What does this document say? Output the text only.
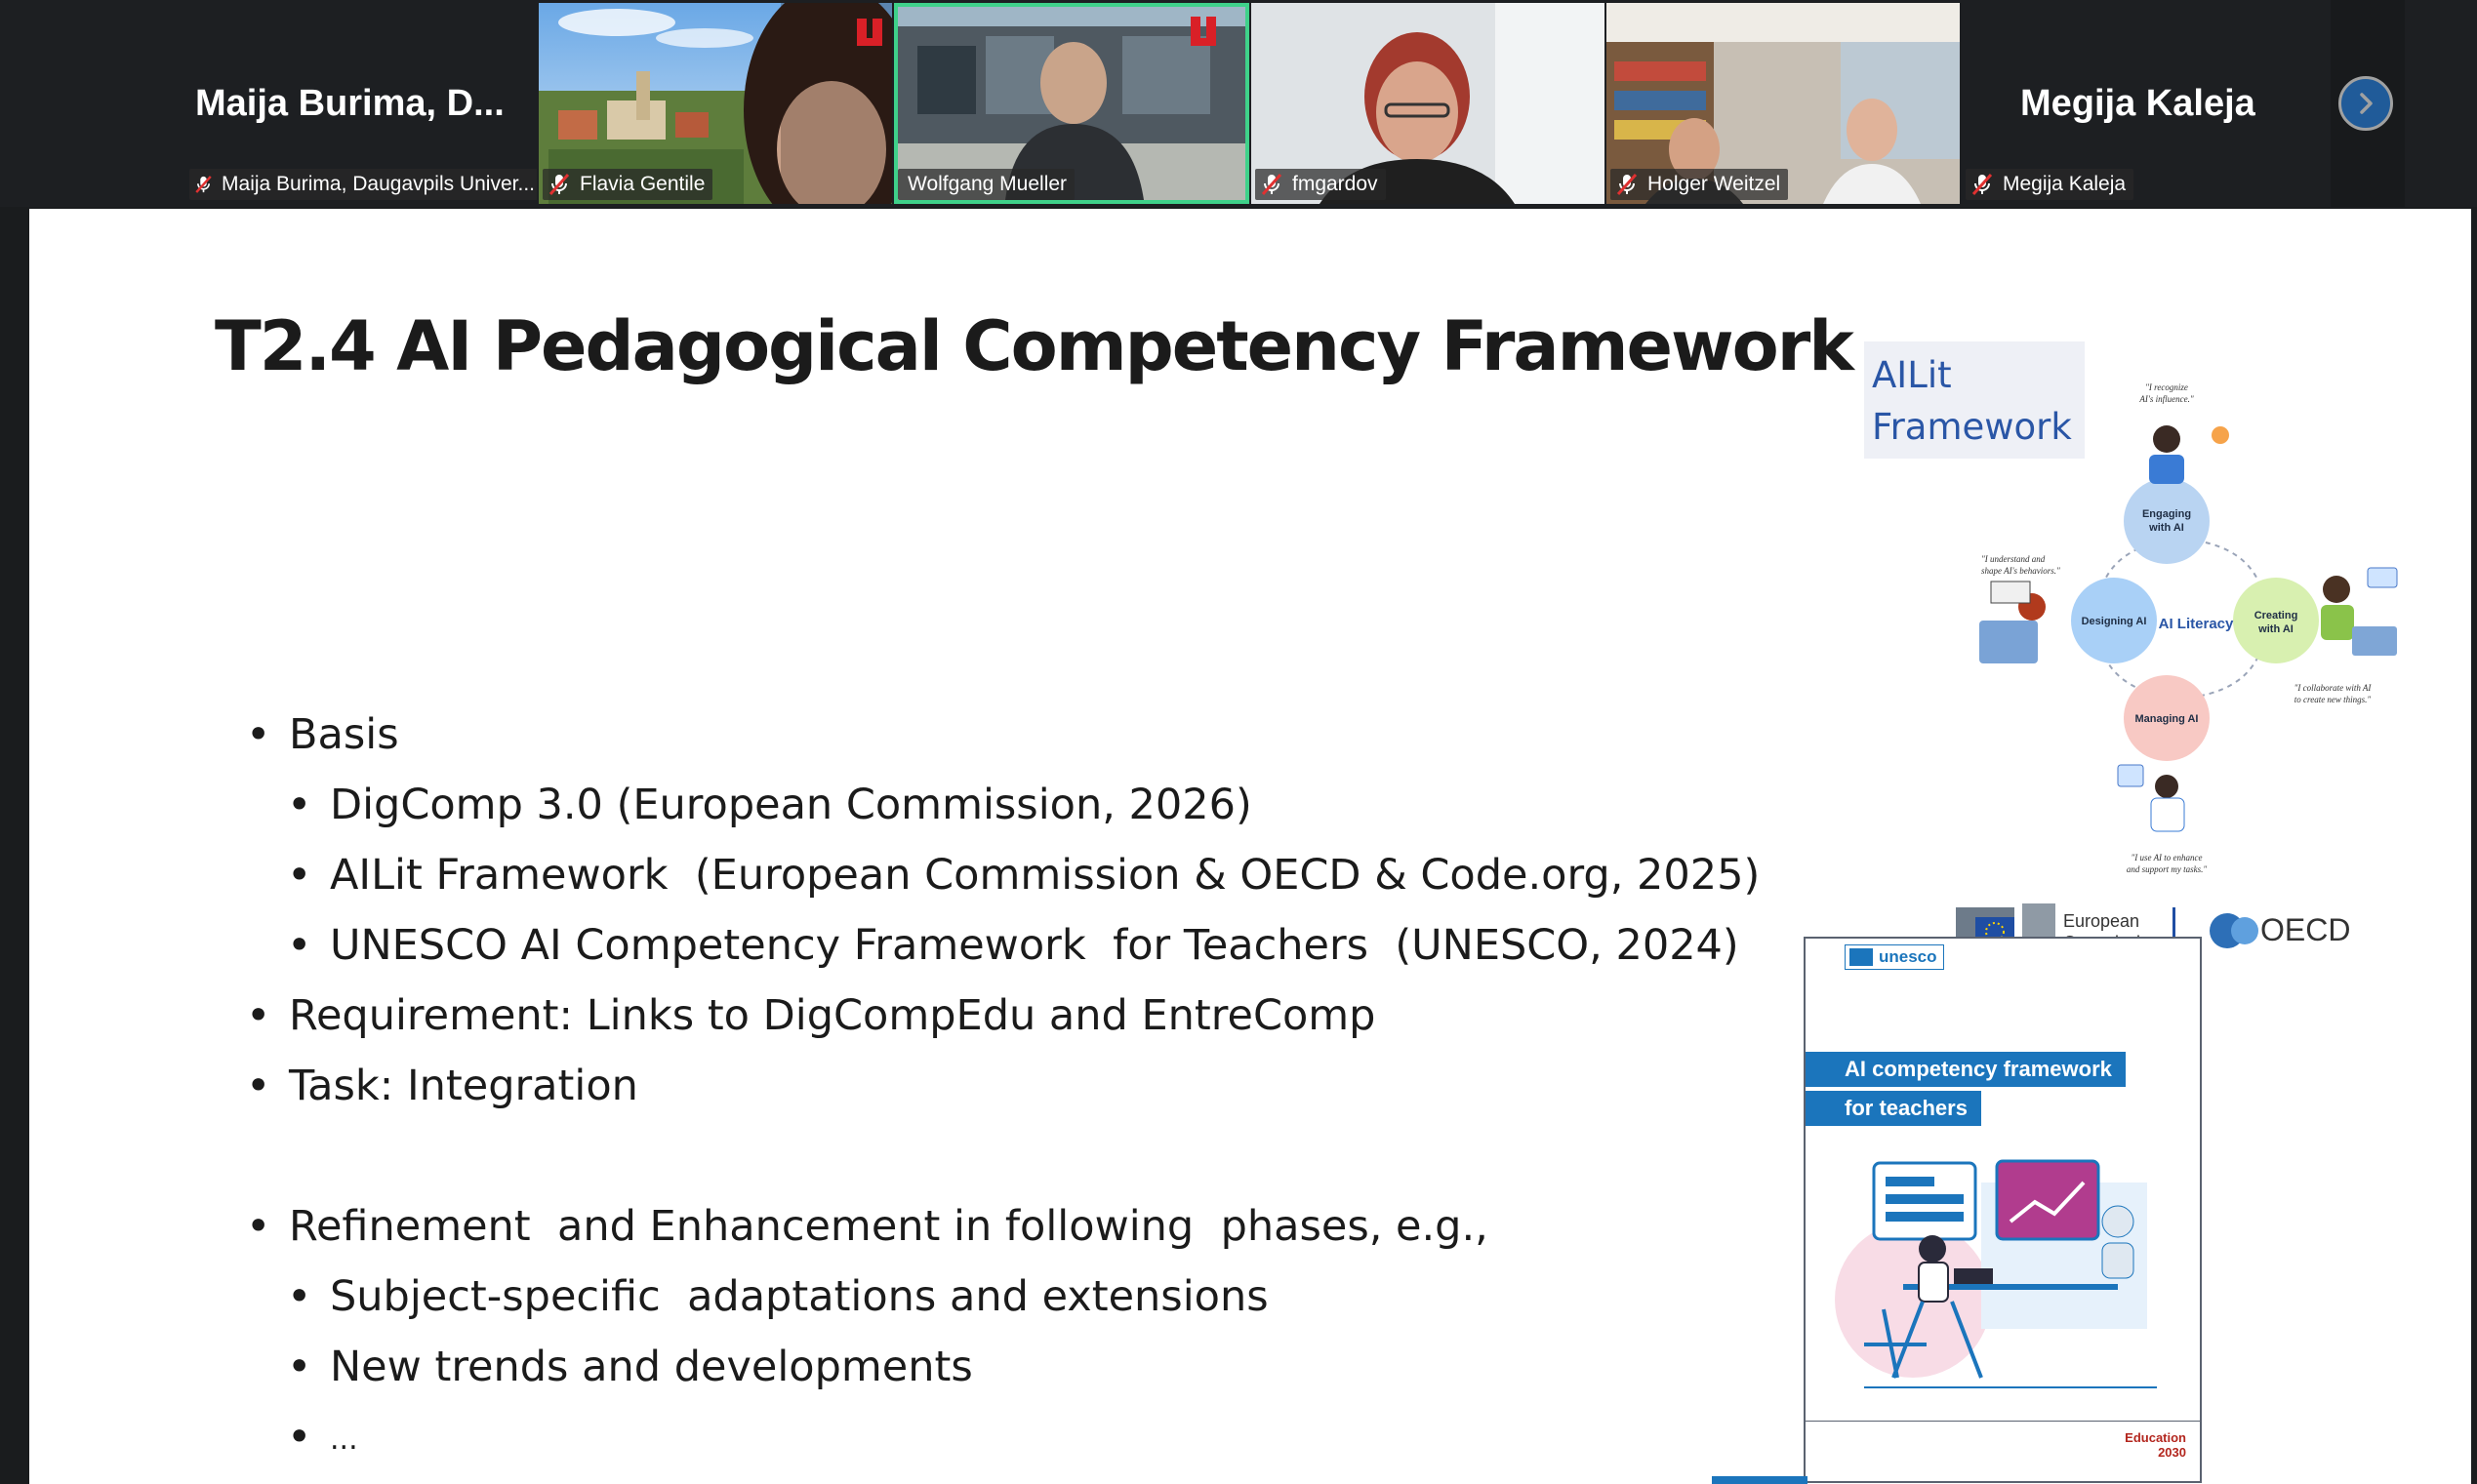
Maija Burima, D...
Maija Burima, Daugavpils Univer... Flavia Gentile	Wolfgang Mueller	fmgardov	Holger Weitzel
Megija Kaleja
Megija Kaleja
T2.4 AI Pedagogical Competency Framework
• Basis
• DigComp 3.0 (European Commission, 2026)
• AILit Framework  (European Commission & OECD & Code.org, 2025)
• UNESCO AI Competency Framework  for Teachers  (UNESCO, 2024)
• Requirement: Links to DigCompEdu and EntreComp
• Task: Integration
• Refinement  and Enhancement in following  phases, e.g.,
• Subject-specific  adaptations and extensions
• New trends and developments
• ...
AILit
Framework
Engaging
with AI
Designing AI	Creating
with AI
Managing AI
AI Literacy
"I recognize
AI's influence."
"I understand and
shape AI's behaviors."
"I collaborate with AI
to create new things."
"I use AI to enhance
and support my tasks."
European	OECD
unesco
AI competency framework
for teachers
Education 2030
